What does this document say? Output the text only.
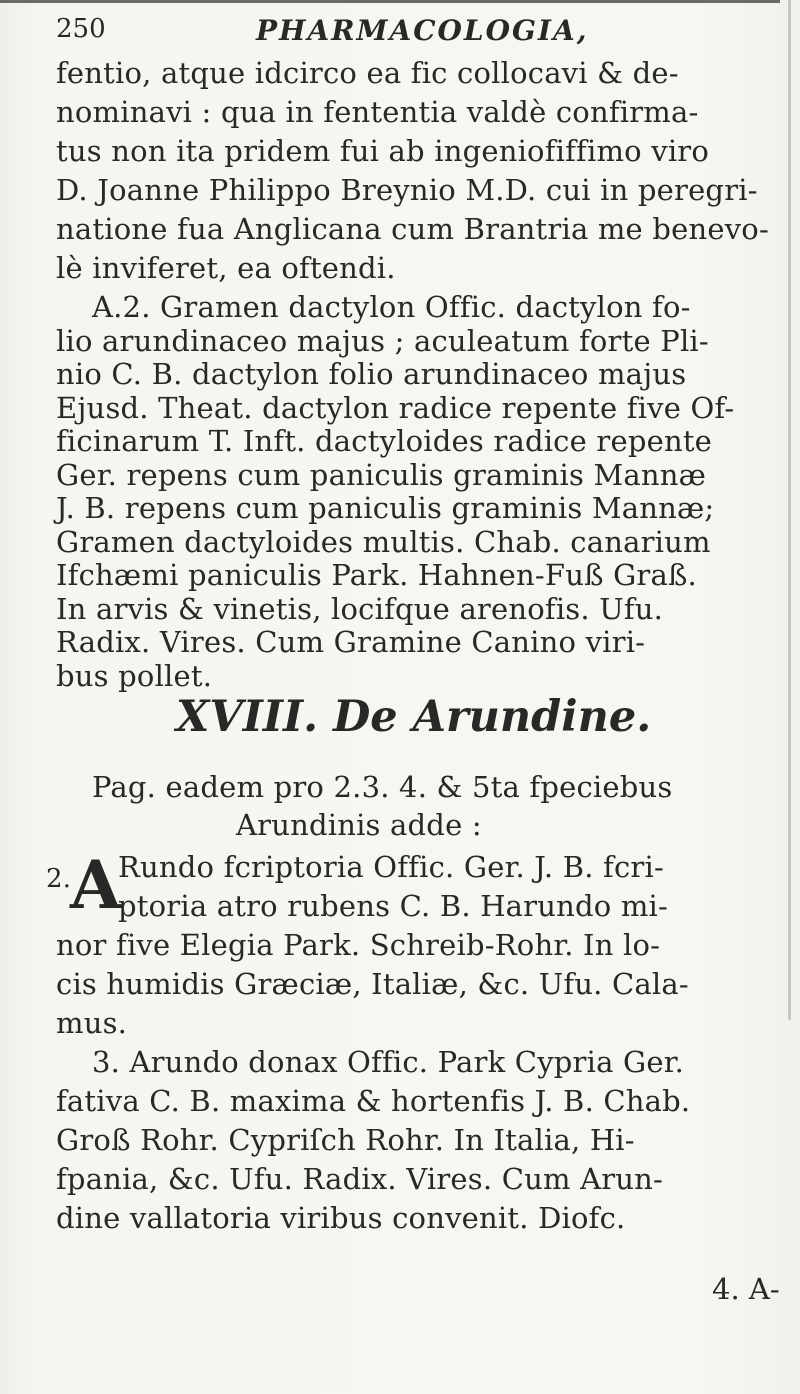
250	PHARMACOLOGIA,
fentio, atque idcirco ea fic collocavi & de-
nominavi : qua in fententia valdè confirma-
tus non ita pridem fui ab ingeniofiffimo viro
D. Joanne Philippo Breynio M.D. cui in peregri-
natione fua Anglicana cum Brantria me benevo-
lè inviferet, ea oftendi.
A.2. Gramen dactylon Offic. dactylon fo-
lio arundinaceo majus ; aculeatum forte Pli-
nio C. B. dactylon folio arundinaceo majus
Ejusd. Theat. dactylon radice repente five Of-
ficinarum T. Inft. dactyloides radice repente
Ger. repens cum paniculis graminis Mannæ
J. B. repens cum paniculis graminis Mannæ;
Gramen dactyloides multis. Chab. canarium
Ifchæmi paniculis Park. Hahnen-Fuß Graß.
In arvis & vinetis, locifque arenofis. Ufu.
XVIII. De Arundine.
Pag. eadem pro 2.3. 4. & 5ta fpeciebus
Arundinis adde :
2.
A
Rundo fcriptoria Offic. Ger. J. B. fcri-
ptoria atro rubens C. B. Harundo mi-
nor five Elegia Park. Schreib-Rohr. In lo-
cis humidis Græciæ, Italiæ, &c. Ufu. Cala-
mus.
3. Arundo donax Offic. Park Cypria Ger.
fativa C. B. maxima & hortenfis J. B. Chab.
Groß Rohr. Cypriſch Rohr. In Italia, Hi-
fpania, &c. Ufu. Radix. Vires. Cum Arun-
dine vallatoria viribus convenit. Diofc.
4. A-
Radix. Vires. Cum Gramine Canino viri-
bus pollet.
